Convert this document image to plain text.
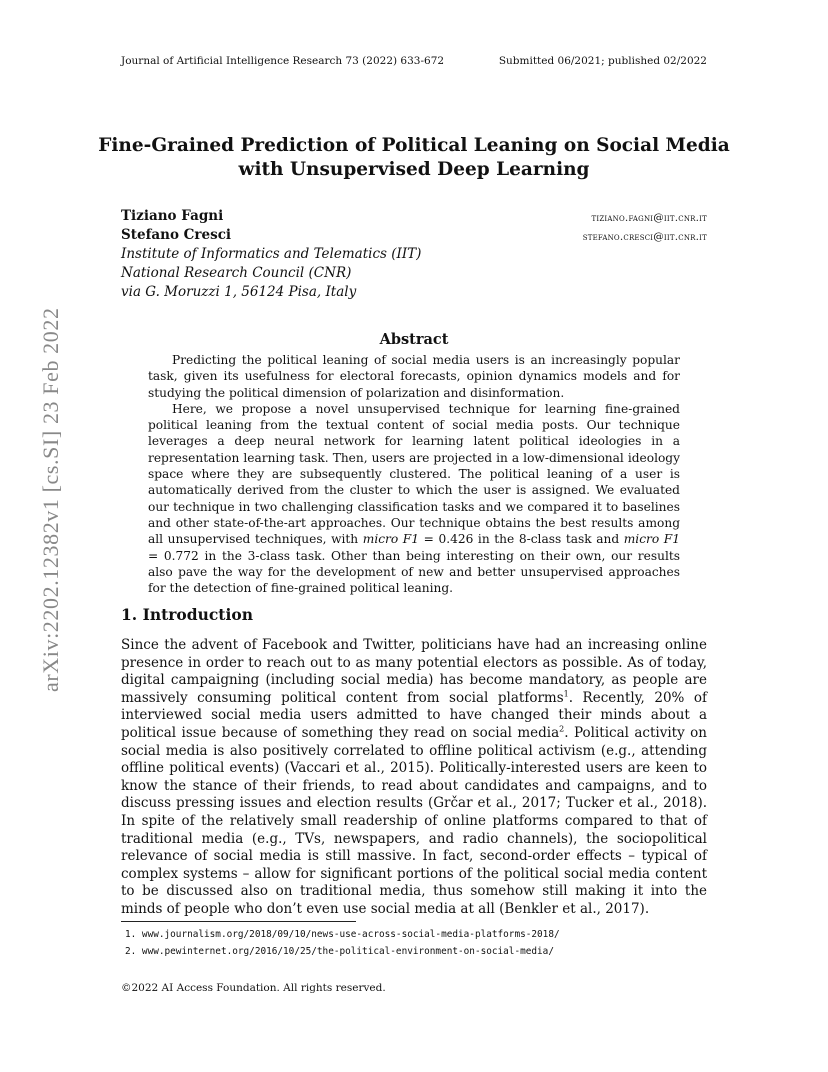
Journal of Artificial Intelligence Research 73 (2022) 633-672	Submitted 06/2021; published 02/2022
arXiv:2202.12382v1 [cs.SI] 23 Feb 2022
Fine-Grained Prediction of Political Leaning on Social Media
with Unsupervised Deep Learning
Tiziano Fagni
Stefano Cresci
Institute of Informatics and Telematics (IIT)
National Research Council (CNR)
via G. Moruzzi 1, 56124 Pisa, Italy
tiziano.fagni@iit.cnr.it
stefano.cresci@iit.cnr.it
Abstract

Predicting the political leaning of social media users is an increasingly popular task, given its usefulness for electoral forecasts, opinion dynamics models and for studying the political dimension of polarization and disinformation.

Here, we propose a novel unsupervised technique for learning fine-grained political leaning from the textual content of social media posts. Our technique leverages a deep neural network for learning latent political ideologies in a representation learning task. Then, users are projected in a low-dimensional ideology space where they are subsequently clustered. The political leaning of a user is automatically derived from the cluster to which the user is assigned. We evaluated our technique in two challenging classification tasks and we compared it to baselines and other state-of-the-art approaches. Our technique obtains the best results among all unsupervised techniques, with micro F1 = 0.426 in the 8-class task and micro F1 = 0.772 in the 3-class task. Other than being interesting on their own, our results also pave the way for the development of new and better unsupervised approaches for the detection of fine-grained political leaning.

1. Introduction

Since the advent of Facebook and Twitter, politicians have had an increasing online presence in order to reach out to as many potential electors as possible. As of today, digital campaigning (including social media) has become mandatory, as people are massively consuming political content from social platforms$^1$. Recently, 20% of interviewed social media users admitted to have changed their minds about a political issue because of something they read on social media$^2$. Political activity on social media is also positively correlated to offline political activism (e.g., attending offline political events) (Vaccari et al., 2015). Politically-interested users are keen to know the stance of their friends, to read about candidates and campaigns, and to discuss pressing issues and election results (Grčar et al., 2017; Tucker et al., 2018). In spite of the relatively small readership of online platforms compared to that of traditional media (e.g., TVs, newspapers, and radio channels), the sociopolitical relevance of social media is still massive. In fact, second-order effects – typical of complex systems – allow for significant portions of the political social media content to be discussed also on traditional media, thus somehow still making it into the minds of people who don’t even use social media at all (Benkler et al., 2017).

1. www.journalism.org/2018/09/10/news-use-across-social-media-platforms-2018/
2. www.pewinternet.org/2016/10/25/the-political-environment-on-social-media/
©2022 AI Access Foundation. All rights reserved.
